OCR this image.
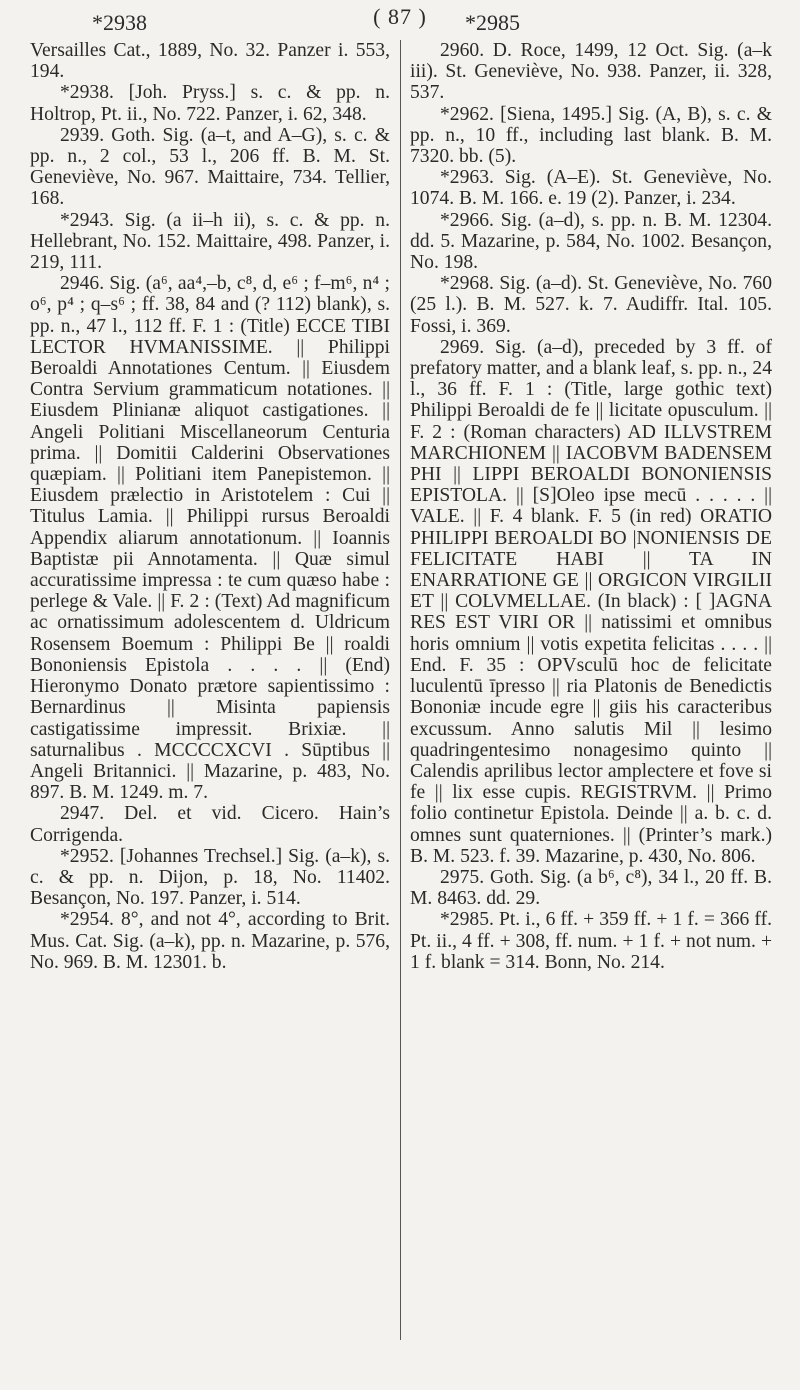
( 87 )
*2938	*2985

Versailles Cat., 1889, No. 32. Panzer i. 553, 194.

*2938. [Joh. Pryss.] s. c. & pp. n. Holtrop, Pt. ii., No. 722. Panzer, i. 62, 348.

2939. Goth. Sig. (a–t, and A–G), s. c. & pp. n., 2 col., 53 l., 206 ff. B. M. St. Geneviève, No. 967. Maittaire, 734. Tellier, 168.

*2943. Sig. (a ii–h ii), s. c. & pp. n. Hellebrant, No. 152. Maittaire, 498. Panzer, i. 219, 111.

2946. Sig. (a⁶, aa⁴,–b, c⁸, d, e⁶ ; f–m⁶, n⁴ ; o⁶, p⁴ ; q–s⁶ ; ff. 38, 84 and (? 112) blank), s. pp. n., 47 l., 112 ff. F. 1 : (Title) ECCE TIBI LECTOR HVMANISSIME. || Philippi Beroaldi Annotationes Centum. || Eiusdem Contra Servium grammaticum notationes. || Eiusdem Plinianæ aliquot castigationes. || Angeli Politiani Miscellaneorum Centuria prima. || Domitii Calderini Observationes quæpiam. || Politiani item Panepistemon. || Eiusdem prælectio in Aristotelem : Cui || Titulus Lamia. || Philippi rursus Beroaldi Appendix aliarum annotationum. || Ioannis Baptistæ pii Annotamenta. || Quæ simul accuratissime impressa : te cum quæso habe : perlege & Vale. || F. 2 : (Text) Ad magnificum ac ornatissimum adolescentem d. Uldricum Rosensem Boemum : Philippi Be || roaldi Bononiensis Epistola . . . . || (End) Hieronymo Donato prætore sapientissimo : Bernardinus || Misinta papiensis castigatissime impressit. Brixiæ. || saturnalibus . MCCCCXCVI . Sūptibus || Angeli Britannici. || Mazarine, p. 483, No. 897. B. M. 1249. m. 7.

2947. Del. et vid. Cicero. Hain’s Corrigenda.

*2952. [Johannes Trechsel.] Sig. (a–k), s. c. & pp. n. Dijon, p. 18, No. 11402. Besançon, No. 197. Panzer, i. 514.

*2954. 8°, and not 4°, according to Brit. Mus. Cat. Sig. (a–k), pp. n. Mazarine, p. 576, No. 969. B. M. 12301. b.

2960. D. Roce, 1499, 12 Oct. Sig. (a–k iii). St. Geneviève, No. 938. Panzer, ii. 328, 537.

*2962. [Siena, 1495.] Sig. (A, B), s. c. & pp. n., 10 ff., including last blank. B. M. 7320. bb. (5).

*2963. Sig. (A–E). St. Geneviève, No. 1074. B. M. 166. e. 19 (2). Panzer, i. 234.

*2966. Sig. (a–d), s. pp. n. B. M. 12304. dd. 5. Mazarine, p. 584, No. 1002. Besançon, No. 198.

*2968. Sig. (a–d). St. Geneviève, No. 760 (25 l.). B. M. 527. k. 7. Audiffr. Ital. 105. Fossi, i. 369.

2969. Sig. (a–d), preceded by 3 ff. of prefatory matter, and a blank leaf, s. pp. n., 24 l., 36 ff. F. 1 : (Title, large gothic text) Philippi Beroaldi de fe || licitate opusculum. || F. 2 : (Roman characters) AD ILLVSTREM MARCHIONEM || IACOBVM BADENSEM PHI || LIPPI BEROALDI BONONIENSIS EPISTOLA. || [S]Oleo ipse mecū . . . . . || VALE. || F. 4 blank. F. 5 (in red) ORATIO PHILIPPI BEROALDI BO |NONIENSIS DE FELICITATE HABI || TA IN ENARRATIONE GE || ORGICON VIRGILII ET || COLVMELLAE. (In black) : [ ]AGNA RES EST VIRI OR || natissimi et omnibus horis omnium || votis expetita felicitas . . . . || End. F. 35 : OPVsculū hoc de felicitate luculentū īpresso || ria Platonis de Benedictis Bononiæ incude egre || giis his caracteribus excussum. Anno salutis Mil || lesimo quadringentesimo nonagesimo quinto || Calendis aprilibus lector amplectere et fove si fe || lix esse cupis. REGISTRVM. || Primo folio continetur Epistola. Deinde || a. b. c. d. omnes sunt quaterniones. || (Printer’s mark.) B. M. 523. f. 39. Mazarine, p. 430, No. 806.

2975. Goth. Sig. (a b⁶, c⁸), 34 l., 20 ff. B. M. 8463. dd. 29.

*2985. Pt. i., 6 ff. + 359 ff. + 1 f. = 366 ff. Pt. ii., 4 ff. + 308, ff. num. + 1 f. + not num. + 1 f. blank = 314. Bonn, No. 214.
